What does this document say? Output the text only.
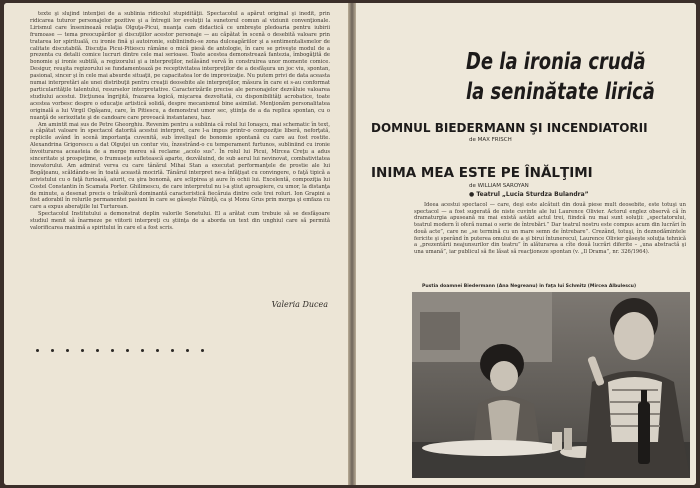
texte şi slujind intenţiei de a sublinia ridicolul stupidităţii. Spectacolul a apărut original şi inedit, prin ridicarea tuturor personajelor pozitive şi a întregii lor evoluţii la sunetorul comun al viziunii convenţionale. Lirismul care înseninează relaţia Olguţa-Picui, nuanţa cam didactică ce umbreşte pledoaria pentru iubirii frumoase — tema preocupărilor şi discuţiilor acestor personaje — au căpătat în scenă o desebită valoare prin tratarea lor spirituală, cu ironie fină şi autoironie, subliniindu-se zona dulceagăriilor şi a sentimentalismelor de calitate discutabilă. Discuţia Picui-Pitiescu rămâne o mică piesă de antologie, în care se priveşte modul de a prezenta cu detalii comice lucruri dintre cele mai serioase. Toate acestea demonstrează fantezia, îmbogăţită de bonomie şi ironie subtilă, a regizorului şi a interpreţilor, nelăsând vervă în construirea unor momente comice. Desigur, reuşita regizorului se fundamentează pe receptivitatea interpreţilor de a desfăşura un joc viu, spontan, pasional, sincer şi în cele mai absurde situaţii, pe capacitatea lor de improvizaţie. Nu putem privi de data aceasta numai interpretări ale unei distribuţii pentru creaţii deosebite ale interpreţilor, măsura în care ei s-au conformat particularităţile talentului, resurselor interpretative. Caracterizările precise ale personajelor dezvăluie valoarea studiului acestui. Dicţiunea îngrijită, frazarea logică, mişcarea dezvoltată, cu disponibilităţi acrobatice, toate acestea vorbesc despre o educaţie artistică solidă, despre mecanismul bine asimilat. Menţionăm personalitatea originală a lui Virgil Ogăşanu, care, în Pitiescu, a demonstrat umor sec, ştiinţa de a da replica spontan, cu o nuanţă de seriozitate şi de candoare care provoacă instantaneu, haz.

Am amintit mai sus de Petre Gheorghiu. Revenim pentru a sublinia că rolul lui Ionaşcu, mai schematic în text, a căpătat valoare în spectacol datorită acestui interpret, care l-a impus printr-o compoziţie liberă, neforţată, replicile având în scenă importanţa cuvenită, sub învelişul de bonomie spontană cu care au fost rostite. Alexandrina Grigorescu a dat Olguţei un contur viu, înzestrând-o cu temperament furtunos, subliniind cu ironie învoiturarea aceasteia de a merge mereu să reclame „acolo sus”. În rolul lui Picui, Mircea Creţu a adus sinceritate şi prospeţime, o frumuseţe sufletească aparte, dezvăluind, de sub aerul lui nevinovat, combativitatea inovatorului. Am admirat verva cu care tânărul Mihai Stan a executat performanţele de prostie ale lui Bogăţeanu, scăldându-se în toată această mocirlă. Tânărul interpret ne-a înfăţişat cu convingere, o faţă tipică a arivistului cu o faţă furioasă, aiurit, cu şira bonomă, are sclipirea şi aure în ochii lui. Excelentă, compoziţia lui Costel Constantin în Scamata Porter. Ghilimescu, de care interpretul nu i-a ştiut aproapiere, cu umor, la distanţa de minute, a desenat precis o trăsătură dominantă caracteristică fiecăruia dintre cele trei roluri. Ion Grapini a fost adorabil în rolurile permanentei pasiuni în care se găseşte Fălniţă, ca şi Monu Grus prin morga şi emfaza cu care a expus aberaţiile lui Turturean.

Spectacolul Institutului a demonstrat deplin valorile Sonetului. El a arătat cum trebuie să se desfăşoare studiul menit să înarmeze pe viitorii interpreţi cu ştiinţa de a aborda un text din unghiul care să permită valorificarea maximă a spiritului în care el a fost scris.

Valeria Ducea
De la ironia crudă
la seninătate lirică
DOMNUL BIEDERMANN ŞI INCENDIATORII
de MAX FRISCH
INIMA MEA ESTE PE ÎNĂLŢIMI
de WILLIAM SAROYAN
● Teatrul „Lucia Sturdza Bulandra”

Ideea acestui spectacol — care, deşi este alcătuit din două piese mult deosebite, este totuşi un spectacol — a fost sugerată de niste cuvinte ale lui Laurence Olivier. Actorul englez observă că în dramaturgia apuseană nu mai există astăzi actul trei, fiindcă nu mai sunt soluţii: „spectatorului, teatrul modern îi oferă numai o serie de întrebări.” Dar teatrul nostru este compus acum din lucrări în două acte”, care ne „se termină cu un mare semn de întrebare”. Crezând, totuşi, în deznodămintele fericite şi sperând în puterea omului de a şi birui întunerecul, Laurence Olivier găseşte soluţia tehnică a „prezentării neajunsurilor din teatru” în alăturarea a cîte două lucrări diferite – „una abstractă şi una umană”, iar publicul să fie lăsat să reacţioneze spontan (v. „Il Drama”, nr. 326/1964).

Pustia doamnei Biedermann (Ana Negreanu) în faţa lui Schmitz (Mircea Albulescu)
